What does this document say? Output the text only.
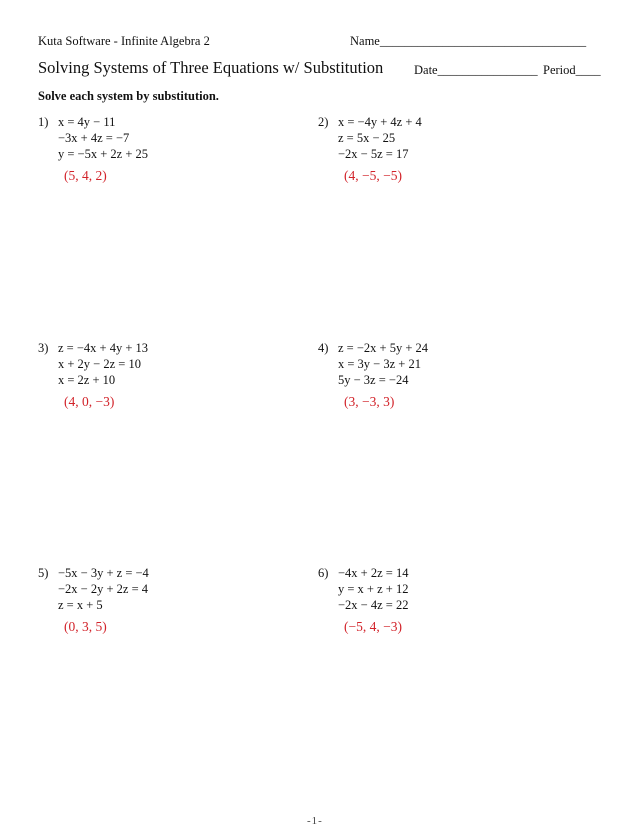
Kuta Software - Infinite Algebra 2	Name_________________________________
Solving Systems of Three Equations w/ Substitution Date________________ Period____
Solve each system by substitution.
1) x = 4y − 11
−3x + 4z = −7
y = −5x + 2z + 25
(5, 4, 2)
2) x = −4y + 4z + 4
z = 5x − 25
−2x − 5z = 17
(4, −5, −5)
3) z = −4x + 4y + 13
x + 2y − 2z = 10
x = 2z + 10
(4, 0, −3)
4) z = −2x + 5y + 24
x = 3y − 3z + 21
5y − 3z = −24
(3, −3, 3)
5) −5x − 3y + z = −4
−2x − 2y + 2z = 4
z = x + 5
(0, 3, 5)
6) −4x + 2z = 14
y = x + z + 12
−2x − 4z = 22
(−5, 4, −3)
-1-
